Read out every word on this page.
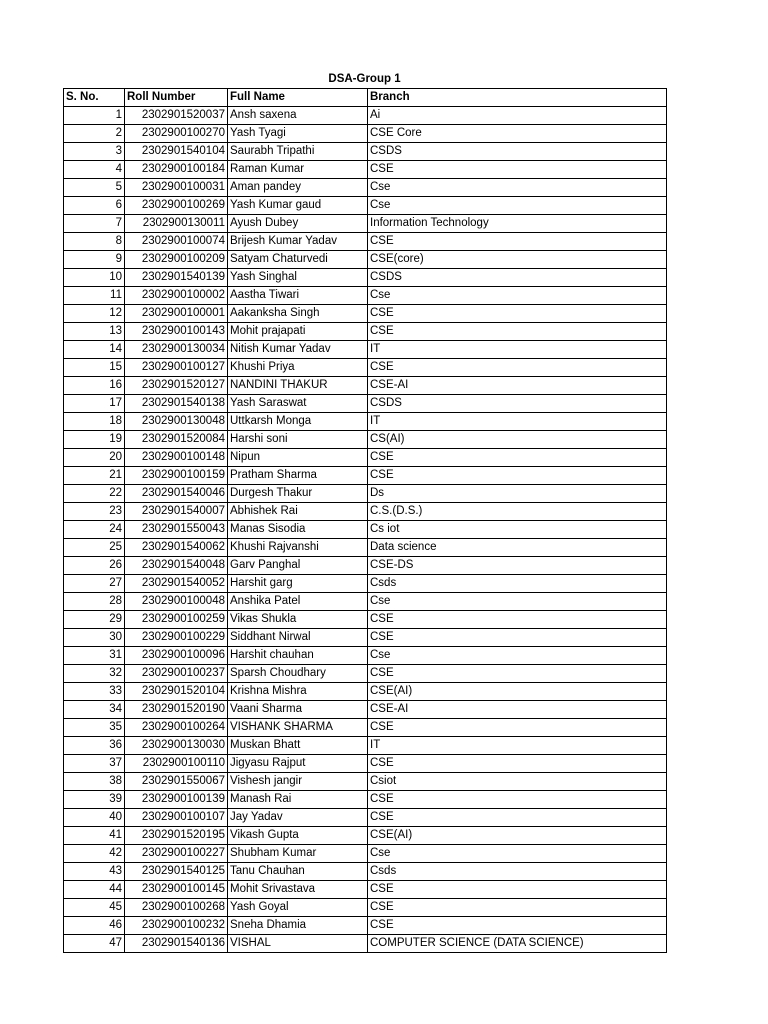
DSA-Group 1
S. No.	Roll Number	Full Name	Branch
1	2302901520037	Ansh saxena	Ai
2	2302900100270	Yash Tyagi	CSE Core
3	2302901540104	Saurabh Tripathi	CSDS
4	2302900100184	Raman Kumar	CSE
5	2302900100031	Aman pandey	Cse
6	2302900100269	Yash Kumar gaud	Cse
7	2302900130011	Ayush Dubey	Information Technology
8	2302900100074	Brijesh Kumar Yadav	CSE
9	2302900100209	Satyam Chaturvedi	CSE(core)
10	2302901540139	Yash Singhal	CSDS
11	2302900100002	Aastha Tiwari	Cse
12	2302900100001	Aakanksha Singh	CSE
13	2302900100143	Mohit prajapati	CSE
14	2302900130034	Nitish Kumar Yadav	IT
15	2302900100127	Khushi Priya	CSE
16	2302901520127	NANDINI THAKUR	CSE-AI
17	2302901540138	Yash Saraswat	CSDS
18	2302900130048	Uttkarsh Monga	IT
19	2302901520084	Harshi soni	CS(AI)
20	2302900100148	Nipun	CSE
21	2302900100159	Pratham Sharma	CSE
22	2302901540046	Durgesh Thakur	Ds
23	2302901540007	Abhishek Rai	C.S.(D.S.)
24	2302901550043	Manas Sisodia	Cs iot
25	2302901540062	Khushi Rajvanshi	Data science
26	2302901540048	Garv Panghal	CSE-DS
27	2302901540052	Harshit garg	Csds
28	2302900100048	Anshika Patel	Cse
29	2302900100259	Vikas Shukla	CSE
30	2302900100229	Siddhant Nirwal	CSE
31	2302900100096	Harshit chauhan	Cse
32	2302900100237	Sparsh Choudhary	CSE
33	2302901520104	Krishna Mishra	CSE(AI)
34	2302901520190	Vaani Sharma	CSE-AI
35	2302900100264	VISHANK SHARMA	CSE
36	2302900130030	Muskan Bhatt	IT
37	2302900100110	Jigyasu Rajput	CSE
38	2302901550067	Vishesh jangir	Csiot
39	2302900100139	Manash Rai	CSE
40	2302900100107	Jay Yadav	CSE
41	2302901520195	Vikash Gupta	CSE(AI)
42	2302900100227	Shubham Kumar	Cse
43	2302901540125	Tanu Chauhan	Csds
44	2302900100145	Mohit Srivastava	CSE
45	2302900100268	Yash Goyal	CSE
46	2302900100232	Sneha Dhamia	CSE
47	2302901540136	VISHAL	COMPUTER SCIENCE (DATA SCIENCE)
